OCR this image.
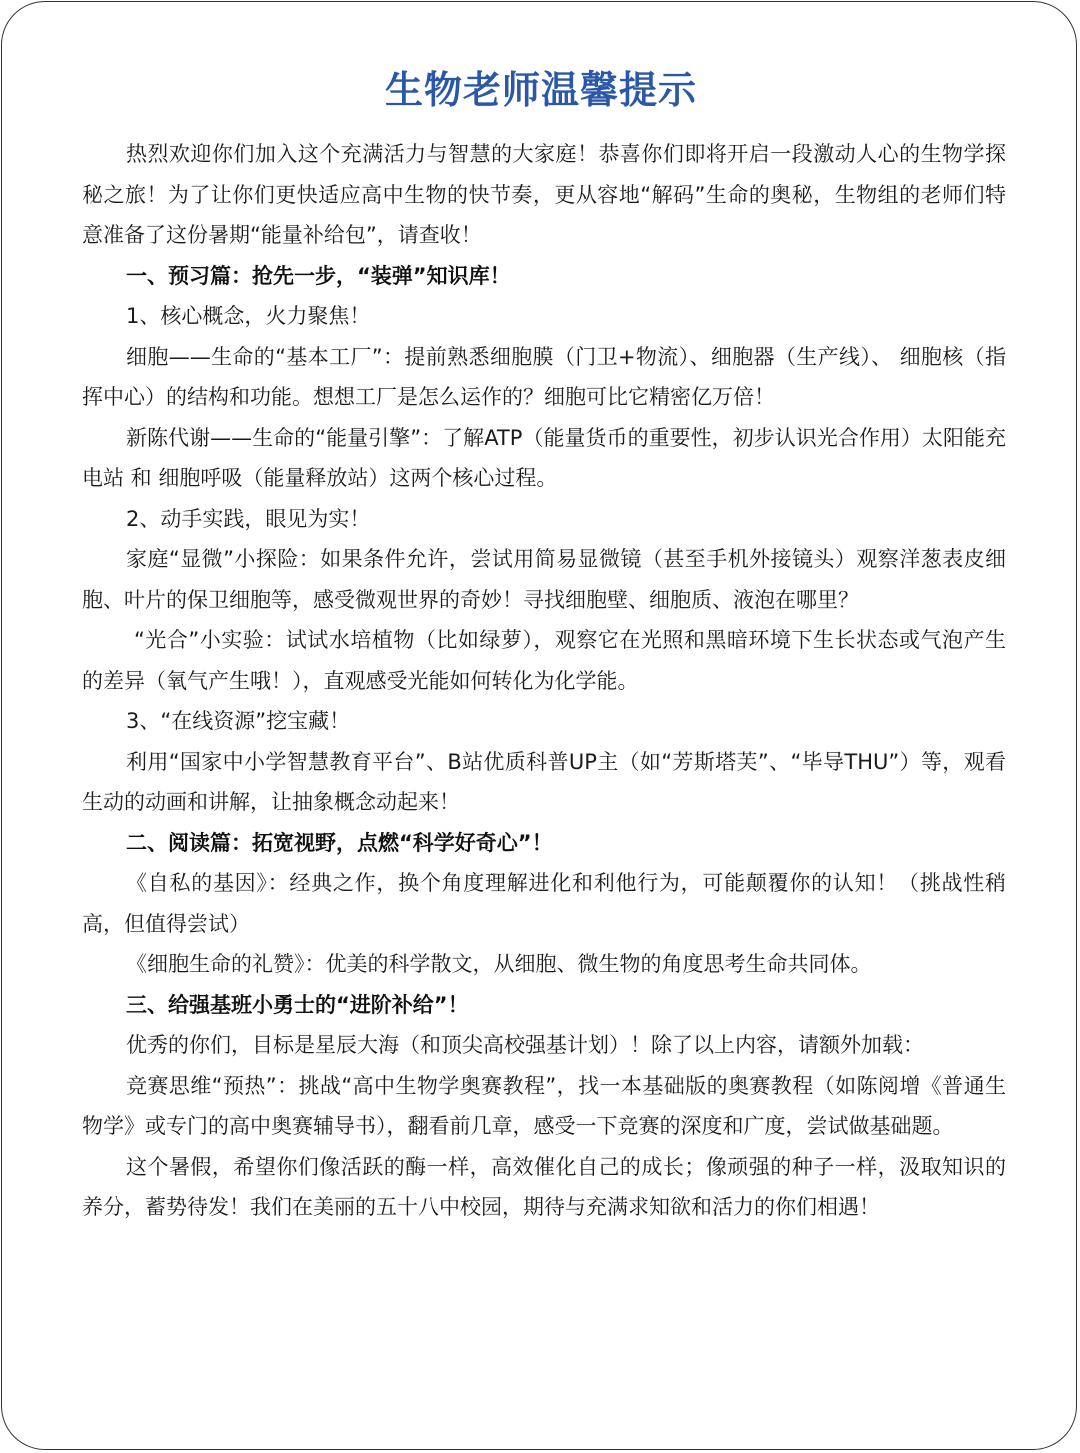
生物老师温馨提示

热烈欢迎你们加入这个充满活力与智慧的大家庭！恭喜你们即将开启一段激动人心的生物学探秘之旅！为了让你们更快适应高中生物的快节奏，更从容地“解码”生命的奥秘，生物组的老师们特意准备了这份暑期“能量补给包”，请查收！

一、预习篇：抢先一步，“装弹”知识库！

1、核心概念，火力聚焦！

细胞——生命的“基本工厂”：提前熟悉细胞膜（门卫+物流）、细胞器（生产线）、 细胞核（指挥中心）的结构和功能。想想工厂是怎么运作的？细胞可比它精密亿万倍！

新陈代谢——生命的“能量引擎”：了解ATP（能量货币的重要性，初步认识光合作用）太阳能充电站 和 细胞呼吸（能量释放站）这两个核心过程。

2、动手实践，眼见为实！

家庭“显微”小探险：如果条件允许，尝试用简易显微镜（甚至手机外接镜头）观察洋葱表皮细胞、叶片的保卫细胞等，感受微观世界的奇妙！寻找细胞壁、细胞质、液泡在哪里？

“光合”小实验：试试水培植物（比如绿萝），观察它在光照和黑暗环境下生长状态或气泡产生的差异（氧气产生哦！），直观感受光能如何转化为化学能。

3、“在线资源”挖宝藏！

利用“国家中小学智慧教育平台”、B站优质科普UP主（如“芳斯塔芙”、“毕导THU”）等，观看生动的动画和讲解，让抽象概念动起来！

二、阅读篇：拓宽视野，点燃“科学好奇心”！

《自私的基因》：经典之作，换个角度理解进化和利他行为，可能颠覆你的认知！（挑战性稍高，但值得尝试）

《细胞生命的礼赞》：优美的科学散文，从细胞、微生物的角度思考生命共同体。

三、给强基班小勇士的“进阶补给”！

优秀的你们，目标是星辰大海（和顶尖高校强基计划）！除了以上内容，请额外加载：

竞赛思维“预热”：挑战“高中生物学奥赛教程”，找一本基础版的奥赛教程（如陈阅增《普通生物学》或专门的高中奥赛辅导书），翻看前几章，感受一下竞赛的深度和广度，尝试做基础题。

这个暑假，希望你们像活跃的酶一样，高效催化自己的成长；像顽强的种子一样，汲取知识的养分，蓄势待发！我们在美丽的五十八中校园，期待与充满求知欲和活力的你们相遇！
